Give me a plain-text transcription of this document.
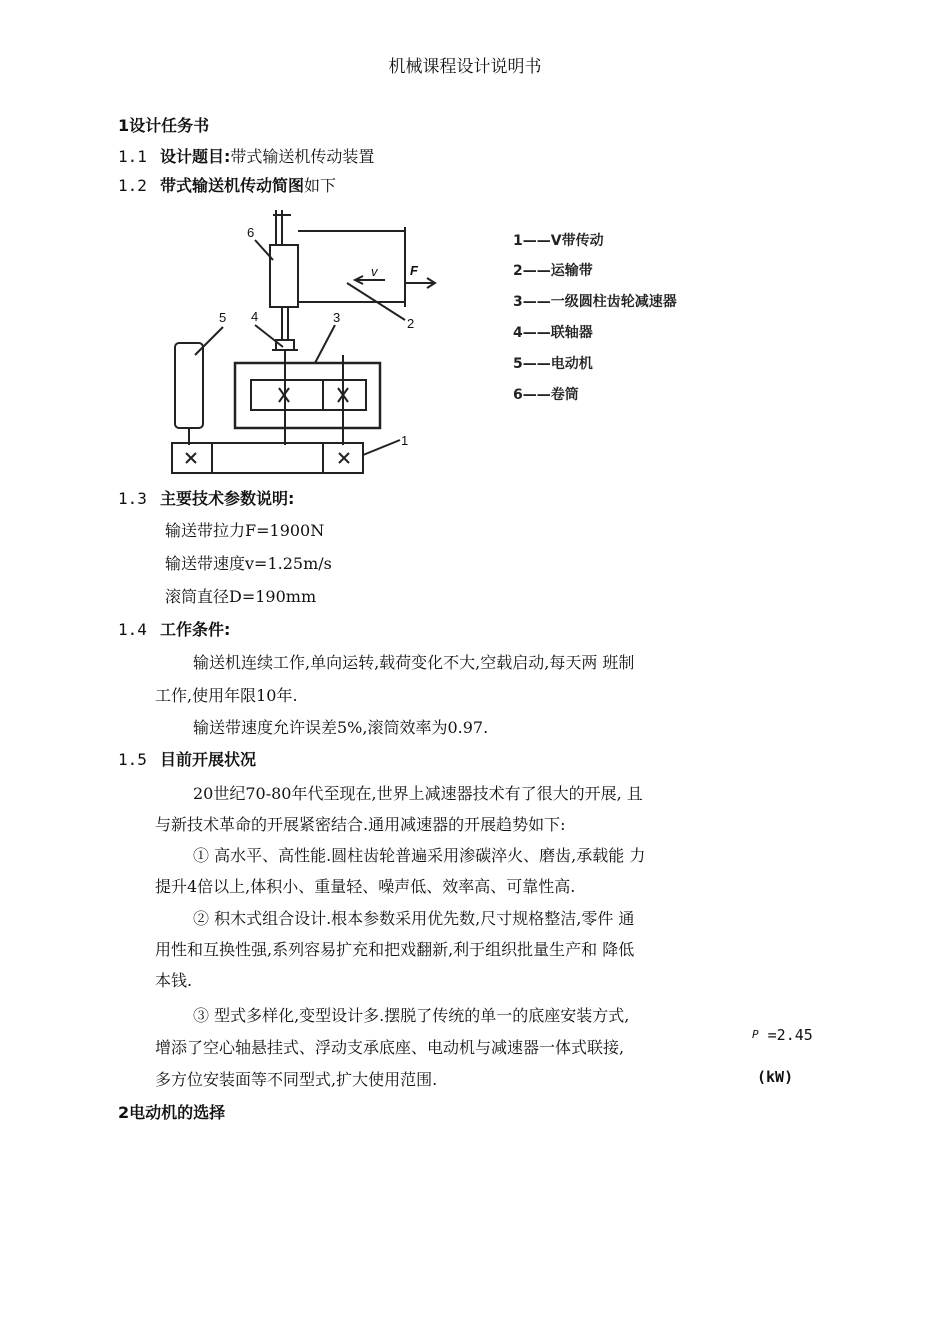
机械课程设计说明书
1设计任务书
1.1 设计题目:带式输送机传动装置
1.2 带式输送机传动简图如下
1
2
3
4
5
6
v	F
1——V带传动
2——运输带
3——一级圆柱齿轮减速器
4——联轴器
5——电动机
6——卷筒
1.3 主要技术参数说明:
输送带拉力F=1900N
输送带速度v=1.25m/s
滚筒直径D=190mm
1.4 工作条件:
输送机连续工作,单向运转,载荷变化不大,空载启动,每天两 班制
工作,使用年限10年.
输送带速度允许误差5%,滚筒效率为0.97.
1.5 目前开展状况
20世纪70-80年代至现在,世界上减速器技术有了很大的开展, 且
与新技术革命的开展紧密结合.通用减速器的开展趋势如下:
① 高水平、高性能.圆柱齿轮普遍采用渗碳淬火、磨齿,承载能 力
提升4倍以上,体积小、重量轻、噪声低、效率高、可靠性高.
② 积木式组合设计.根本参数采用优先数,尺寸规格整洁,零件 通
用性和互换性强,系列容易扩充和把戏翻新,利于组织批量生产和 降低
本钱.
③ 型式多样化,变型设计多.摆脱了传统的单一的底座安装方式,
增添了空心轴悬挂式、浮动支承底座、电动机与减速器一体式联接,
多方位安装面等不同型式,扩大使用范围.
P =2.45
(kW)
2电动机的选择
